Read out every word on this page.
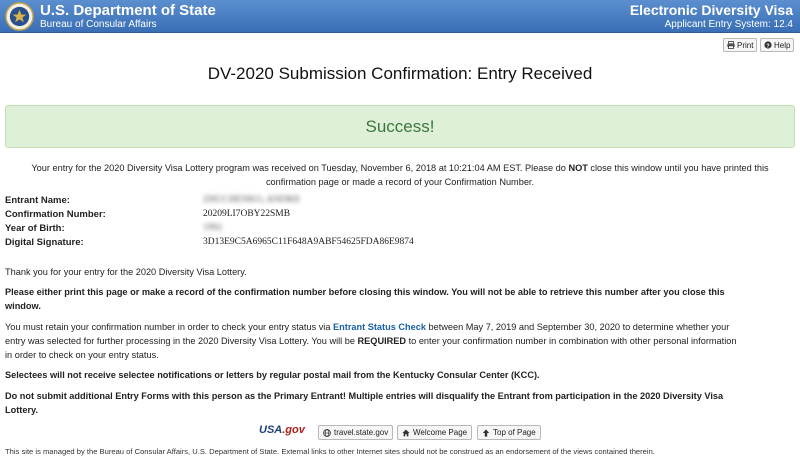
U.S. Department of State
Bureau of Consular Affairs
Electronic Diversity Visa
Applicant Entry System: 12.4
Print ? Help
DV-2020 Submission Confirmation: Entry Received
Success!
Your entry for the 2020 Diversity Visa Lottery program was received on Tuesday, November 6, 2018 at 10:21:04 AM EST. Please do NOT close this window until you have printed this
confirmation page or made a record of your Confirmation Number.
Entrant Name:	ZHUCHENKO, ANDRII
Confirmation Number:	20209LI7OBY22SMB
Year of Birth:	1992
Digital Signature:	3D13E9C5A6965C11F648A9ABF54625FDA86E9874
Thank you for your entry for the 2020 Diversity Visa Lottery.
Please either print this page or make a record of the confirmation number before closing this window. You will not be able to retrieve this number after you close this
window.
You must retain your confirmation number in order to check your entry status via Entrant Status Check between May 7, 2019 and September 30, 2020 to determine whether your
entry was selected for further processing in the 2020 Diversity Visa Lottery. You will be REQUIRED to enter your confirmation number in combination with other personal information
in order to check on your entry status.
Selectees will not receive selectee notifications or letters by regular postal mail from the Kentucky Consular Center (KCC).
Do not submit additional Entry Forms with this person as the Primary Entrant! Multiple entries will disqualify the Entrant from participation in the 2020 Diversity Visa
Lottery.
USA.gov	travel.state.gov	Welcome Page	Top of Page
This site is managed by the Bureau of Consular Affairs, U.S. Department of State. External links to other Internet sites should not be construed as an endorsement of the views contained therein.
